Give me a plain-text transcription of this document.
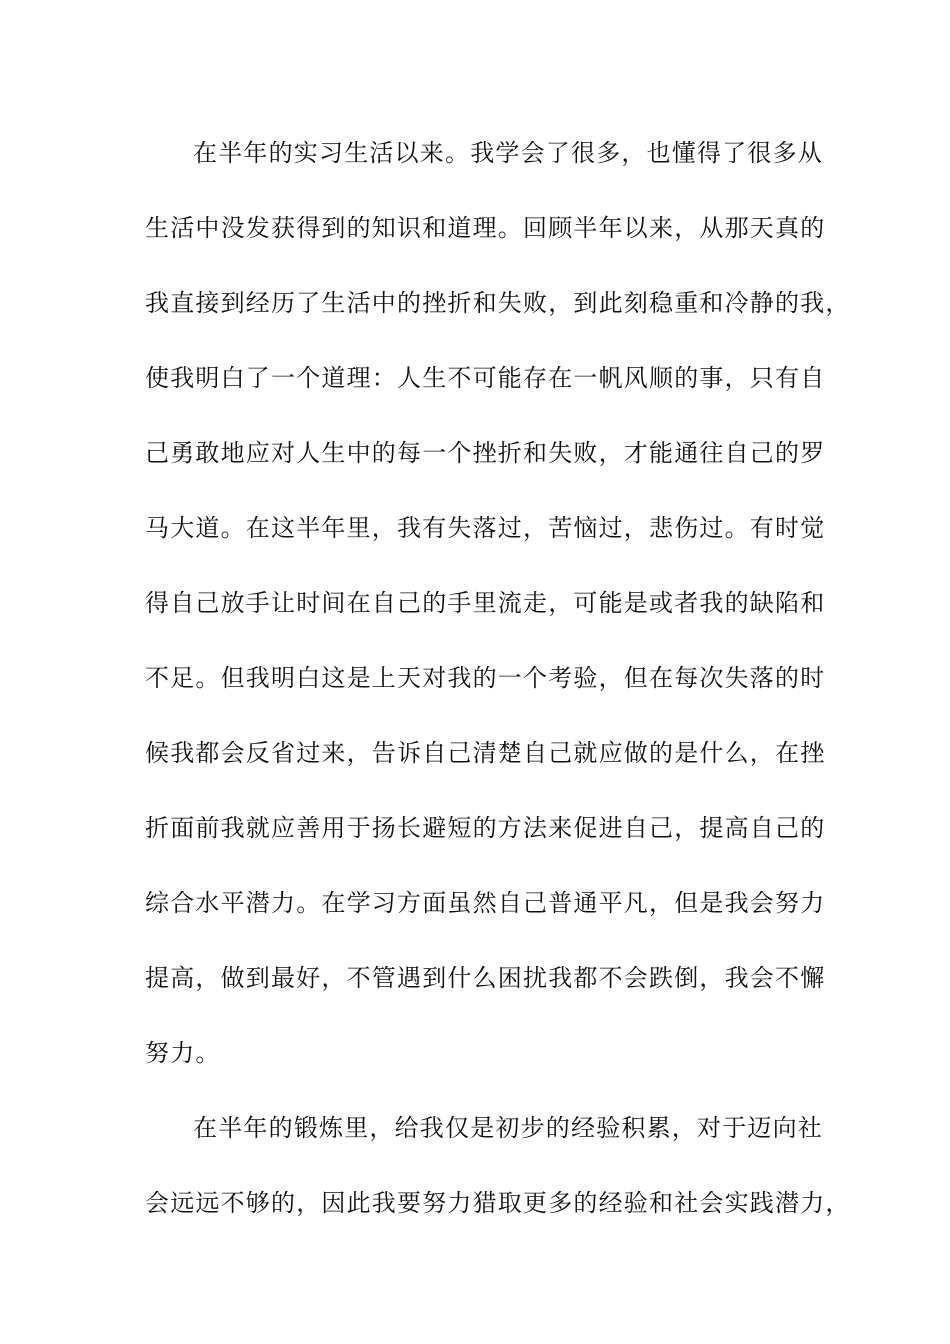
在半年的实习生活以来。我学会了很多，也懂得了很多从
生活中没发获得到的知识和道理。回顾半年以来，从那天真的
我直接到经历了生活中的挫折和失败，到此刻稳重和冷静的我，
使我明白了一个道理：人生不可能存在一帆风顺的事，只有自
己勇敢地应对人生中的每一个挫折和失败，才能通往自己的罗
马大道。在这半年里，我有失落过，苦恼过，悲伤过。有时觉
得自己放手让时间在自己的手里流走，可能是或者我的缺陷和
不足。但我明白这是上天对我的一个考验，但在每次失落的时
候我都会反省过来，告诉自己清楚自己就应做的是什么，在挫
折面前我就应善用于扬长避短的方法来促进自己，提高自己的
综合水平潜力。在学习方面虽然自己普通平凡，但是我会努力
提高，做到最好，不管遇到什么困扰我都不会跌倒，我会不懈
努力。
在半年的锻炼里，给我仅是初步的经验积累，对于迈向社
会远远不够的，因此我要努力猎取更多的经验和社会实践潜力，
